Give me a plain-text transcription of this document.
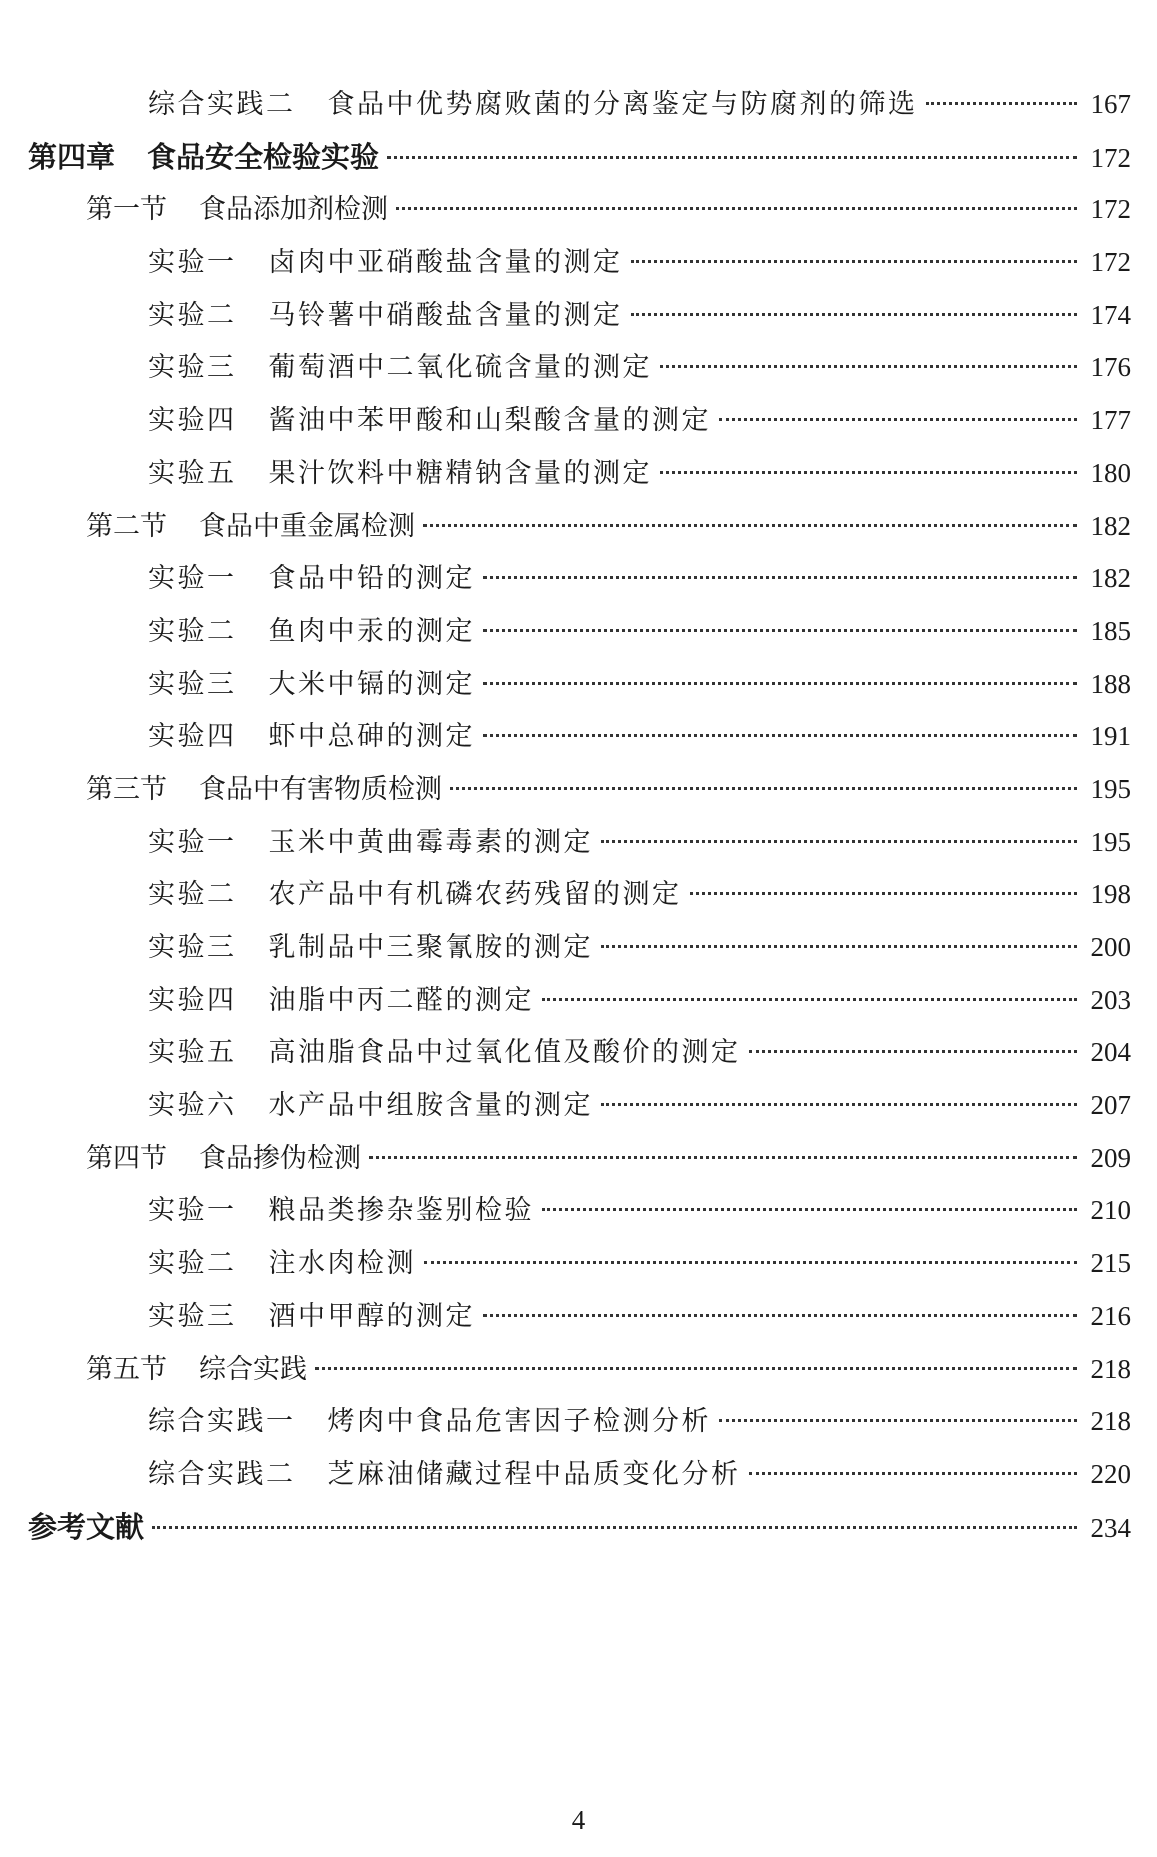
综合实践二 食品中优势腐败菌的分离鉴定与防腐剂的筛选	167
第四章 食品安全检验实验	172
第一节 食品添加剂检测	172
实验一 卤肉中亚硝酸盐含量的测定	172
实验二 马铃薯中硝酸盐含量的测定	174
实验三 葡萄酒中二氧化硫含量的测定	176
实验四 酱油中苯甲酸和山梨酸含量的测定	177
实验五 果汁饮料中糖精钠含量的测定	180
第二节 食品中重金属检测	182
实验一 食品中铅的测定	182
实验二 鱼肉中汞的测定	185
实验三 大米中镉的测定	188
实验四 虾中总砷的测定	191
第三节 食品中有害物质检测	195
实验一 玉米中黄曲霉毒素的测定	195
实验二 农产品中有机磷农药残留的测定	198
实验三 乳制品中三聚氰胺的测定	200
实验四 油脂中丙二醛的测定	203
实验五 高油脂食品中过氧化值及酸价的测定	204
实验六 水产品中组胺含量的测定	207
第四节 食品掺伪检测	209
实验一 粮品类掺杂鉴别检验	210
实验二 注水肉检测	215
实验三 酒中甲醇的测定	216
第五节 综合实践	218
综合实践一 烤肉中食品危害因子检测分析	218
综合实践二 芝麻油储藏过程中品质变化分析	220
参考文献	234
4
